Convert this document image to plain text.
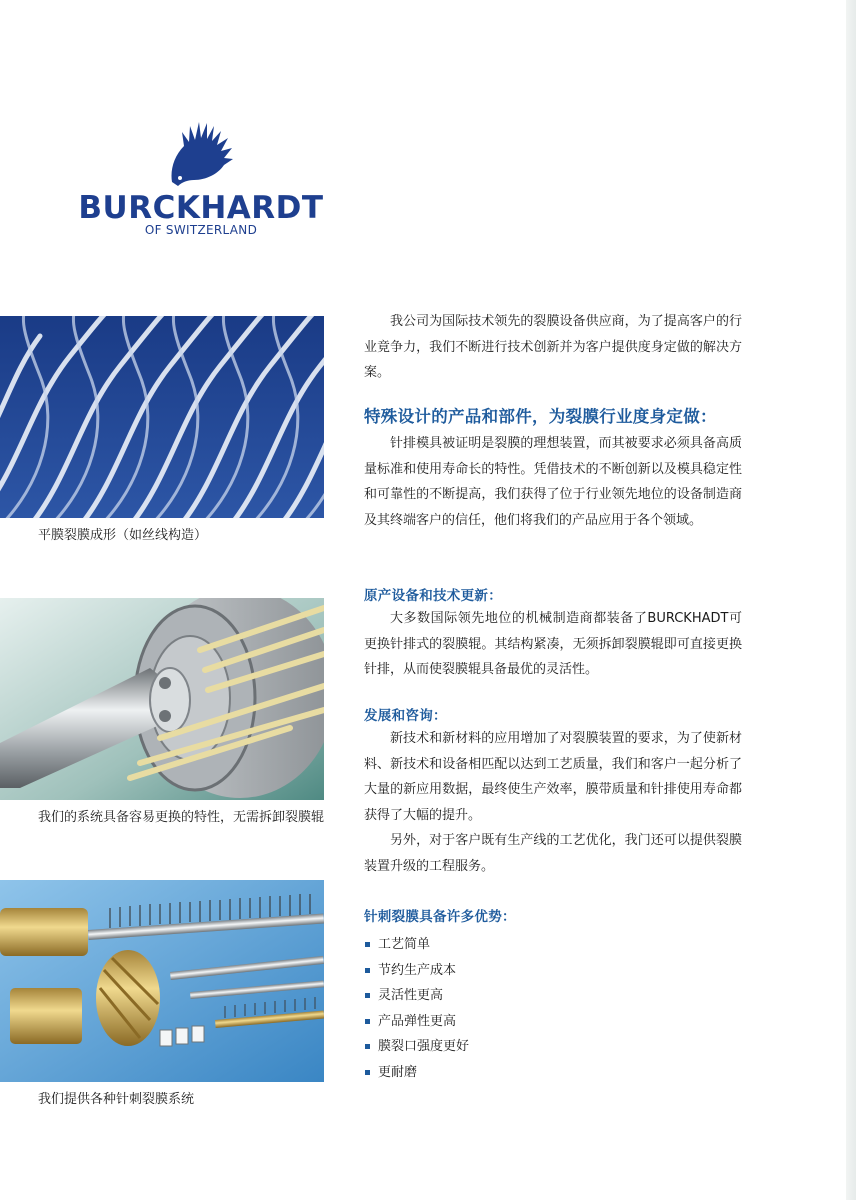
BURCKHARDT
OF SWITZERLAND
平膜裂膜成形（如丝线构造）
我们的系统具备容易更换的特性，无需拆卸裂膜辊
我们提供各种针刺裂膜系统

我公司为国际技术领先的裂膜设备供应商，为了提高客户的行业竟争力，我们不断进行技术创新并为客户提供度身定做的解决方案。

特殊设计的产品和部件，为裂膜行业度身定做：

针排模具被证明是裂膜的理想装置，而其被要求必须具备高质量标准和使用寿命长的特性。凭借技术的不断创新以及模具稳定性和可靠性的不断提高，我们获得了位于行业领先地位的设备制造商及其终端客户的信任，他们将我们的产品应用于各个领域。

原产设备和技术更新：

大多数国际领先地位的机械制造商都装备了BURCKHADT可更换针排式的裂膜辊。其结构紧凑，无须拆卸裂膜辊即可直接更换针排，从而使裂膜辊具备最优的灵活性。

发展和咨询：

新技术和新材料的应用增加了对裂膜装置的要求，为了使新材料、新技术和设备相匹配以达到工艺质量，我们和客户一起分析了大量的新应用数据，最终使生产效率，膜带质量和针排使用寿命都获得了大幅的提升。

另外，对于客户既有生产线的工艺优化，我门还可以提供裂膜装置升级的工程服务。

针刺裂膜具备许多优势：
工艺简单
节约生产成本
灵活性更高
产品弹性更高
膜裂口强度更好
更耐磨
